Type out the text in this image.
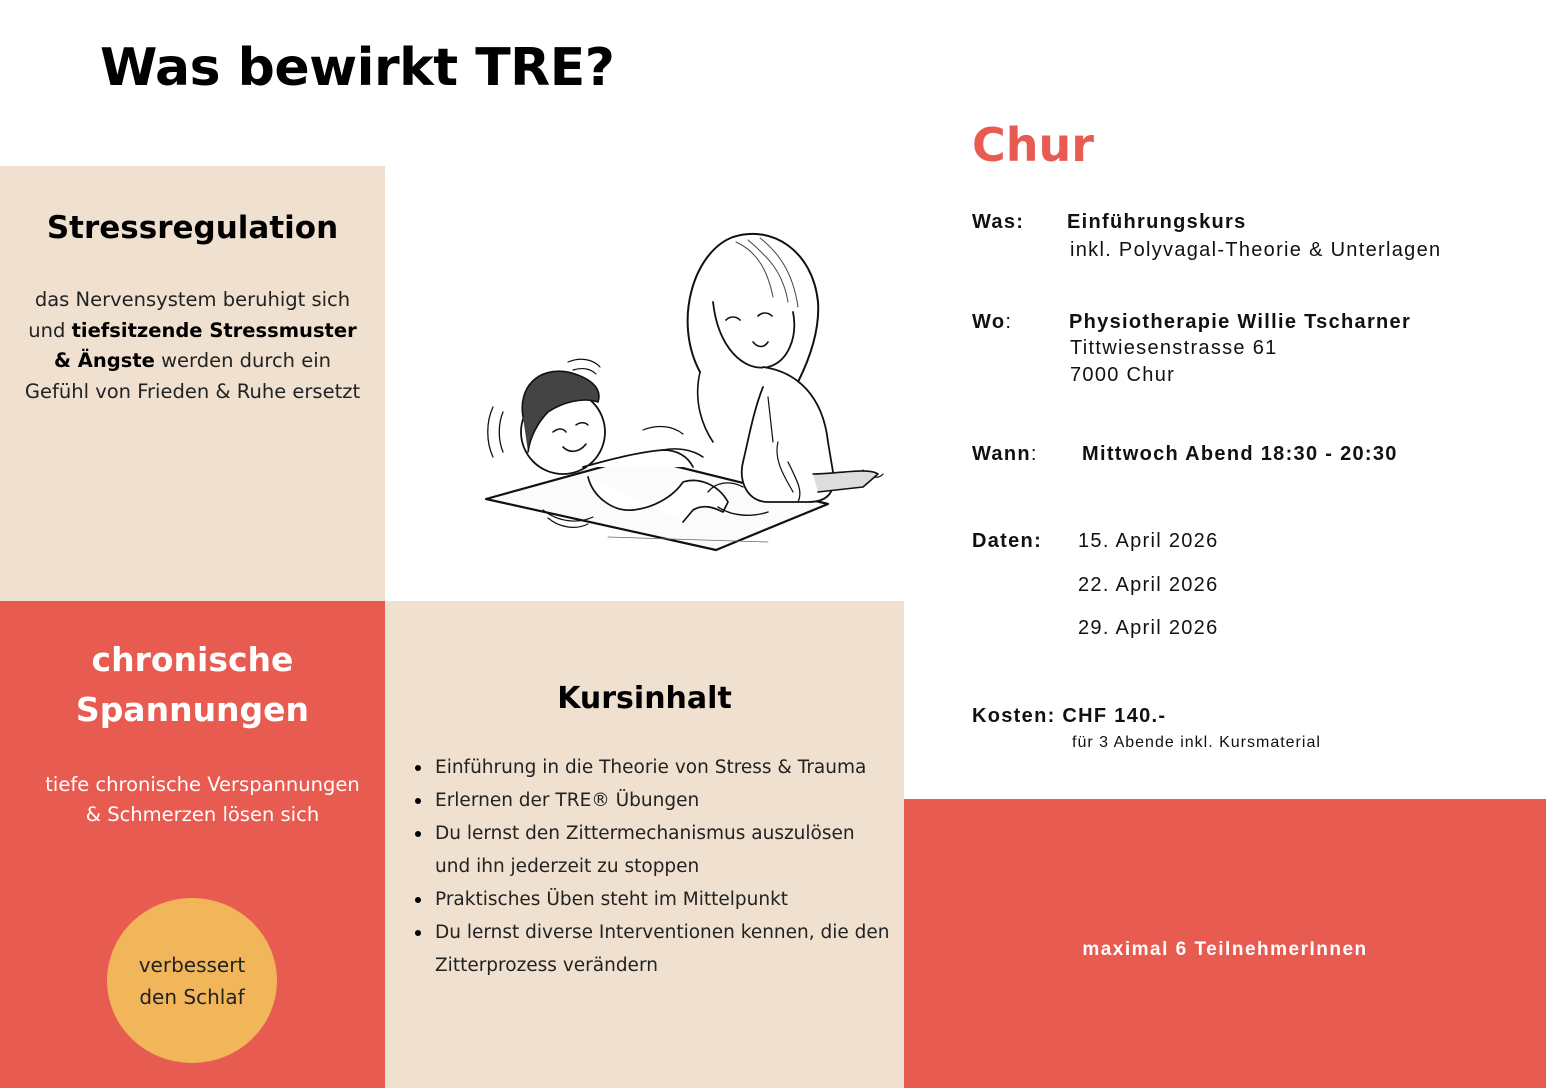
Was bewirkt TRE?
Stressregulation

das Nervensystem beruhigt sich und tiefsitzende Stressmuster & Ängste werden durch ein Gefühl von Frieden & Ruhe ersetzt

chronische
Spannungen

tiefe chronische Verspannungen & Schmerzen lösen sich

verbessert
den Schlaf
Kursinhalt
Einführung in die Theorie von Stress & Trauma
Erlernen der TRE® Übungen
Du lernst den Zittermechanismus auszulösen und ihn jederzeit zu stoppen
Praktisches Üben steht im Mittelpunkt
Du lernst diverse Interventionen kennen, die den Zitterprozess verändern
Chur
Was: Einführungskurs
inkl. Polyvagal-Theorie & Unterlagen
Wo:	Physiotherapie Willie Tscharner
Tittwiesenstrasse 61
7000 Chur
Wann: Mittwoch Abend 18:30 - 20:30
Daten: 15. April 2026
22. April 2026
29. April 2026
Kosten: CHF 140.-
für 3 Abende inkl. Kursmaterial
maximal 6 TeilnehmerInnen
